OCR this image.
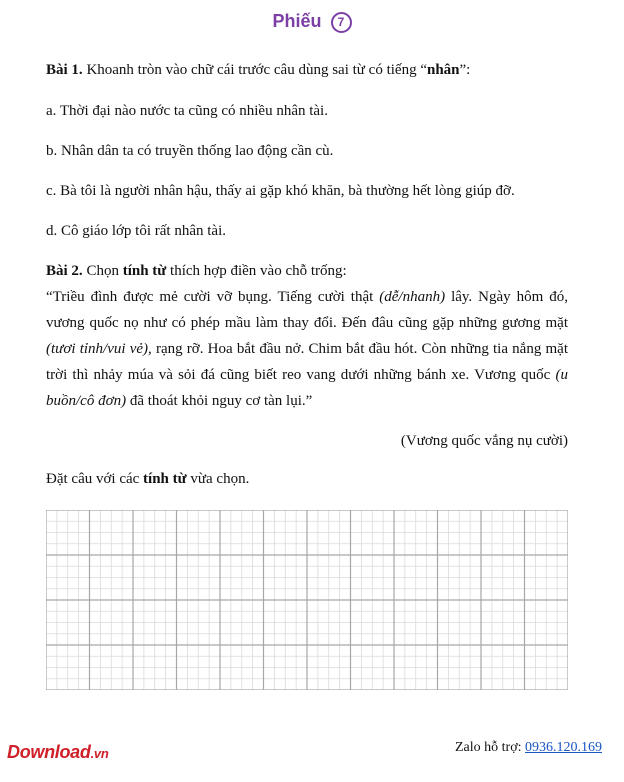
Phiếu 7
Bài 1. Khoanh tròn vào chữ cái trước câu dùng sai từ có tiếng “nhân”:
a. Thời đại nào nước ta cũng có nhiều nhân tài.
b. Nhân dân ta có truyền thống lao động cần cù.
c. Bà tôi là người nhân hậu, thấy ai gặp khó khăn, bà thường hết lòng giúp đỡ.
d. Cô giáo lớp tôi rất nhân tài.
Bài 2. Chọn tính từ thích hợp điền vào chỗ trống:

“Triều đình được mẻ cười vỡ bụng. Tiếng cười thật (dễ/nhanh) lây. Ngày hôm đó, vương quốc nọ như có phép mầu làm thay đổi. Đến đâu cũng gặp những gương mặt (tươi tỉnh/vui vẻ), rạng rỡ. Hoa bắt đầu nở. Chim bắt đầu hót. Còn những tia nắng mặt trời thì nhảy múa và sỏi đá cũng biết reo vang dưới những bánh xe. Vương quốc (u buồn/cô đơn) đã thoát khỏi nguy cơ tàn lụi.”

(Vương quốc vắng nụ cười)
Đặt câu với các tính từ vừa chọn.
Download.vn	Zalo hỗ trợ: 0936.120.169
